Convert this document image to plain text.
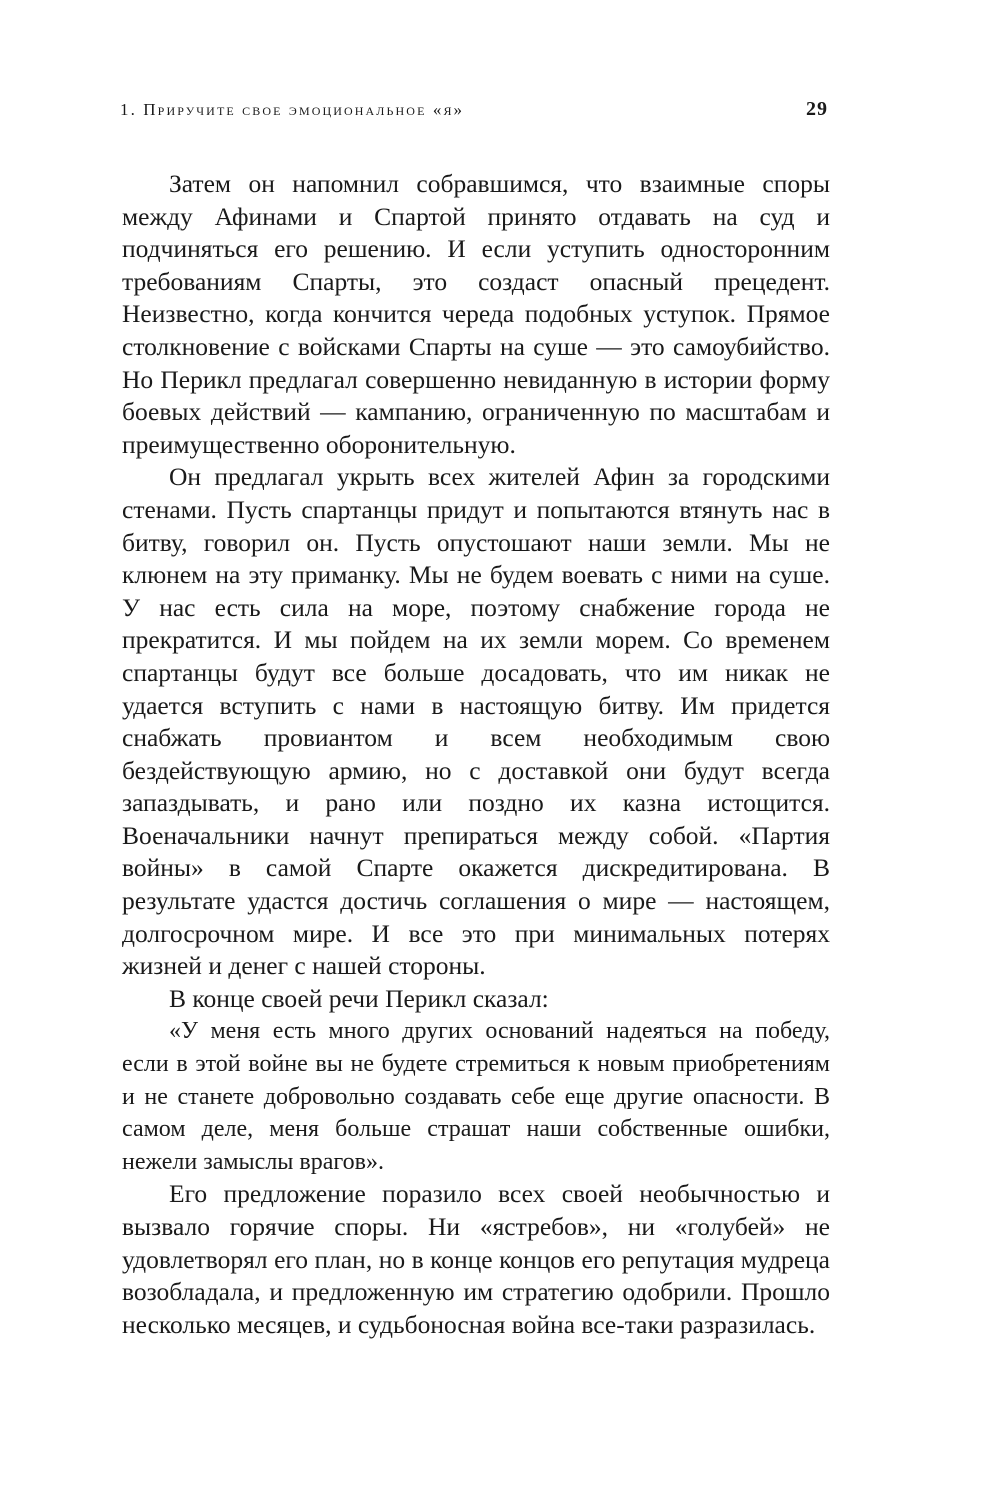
1. Приручите свое эмоциональное «я»	29

Затем он напомнил собравшимся, что взаимные споры между Афинами и Спартой принято отдавать на суд и подчиняться его решению. И если уступить односторонним требованиям Спарты, это создаст опасный прецедент. Неизвестно, когда кончится череда подобных уступок. Прямое столкновение с войсками Спарты на суше — это самоубийство. Но Перикл предлагал совершенно невиданную в истории форму боевых действий — кампанию, ограниченную по масштабам и преимущественно оборонительную.

Он предлагал укрыть всех жителей Афин за городскими стенами. Пусть спартанцы придут и попытаются втянуть нас в битву, говорил он. Пусть опустошают наши земли. Мы не клюнем на эту приманку. Мы не будем воевать с ними на суше. У нас есть сила на море, поэтому снабжение города не прекратится. И мы пойдем на их земли морем. Со временем спартанцы будут все больше досадовать, что им никак не удается вступить с нами в настоящую битву. Им придется снабжать провиантом и всем необходимым свою бездействующую армию, но с доставкой они будут всегда запаздывать, и рано или поздно их казна истощится. Военачальники начнут препираться между собой. «Партия войны» в самой Спарте окажется дискредитирована. В результате удастся достичь соглашения о мире — настоящем, долгосрочном мире. И все это при минимальных потерях жизней и денег с нашей стороны.

В конце своей речи Перикл сказал:

«У меня есть много других оснований надеяться на победу, если в этой войне вы не будете стремиться к новым приобретениям и не станете добровольно создавать себе еще другие опасности. В самом деле, меня больше страшат наши собственные ошибки, нежели замыслы врагов».

Его предложение поразило всех своей необычностью и вызвало горячие споры. Ни «ястребов», ни «голубей» не удовлетворял его план, но в конце концов его репутация мудреца возобладала, и предложенную им стратегию одобрили. Прошло несколько месяцев, и судьбоносная война все-таки разразилась.
